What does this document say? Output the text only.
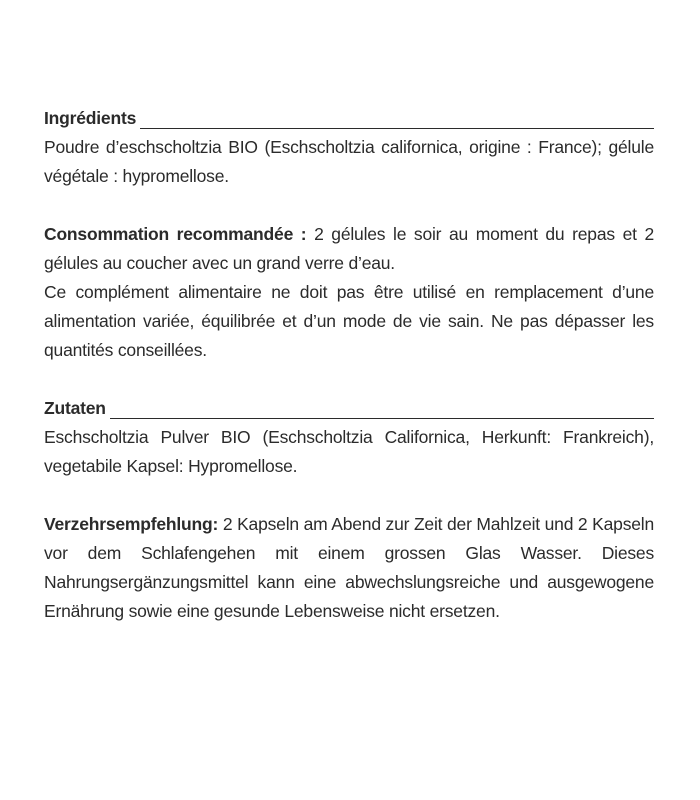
Ingrédients
Poudre d’eschscholtzia BIO (Eschscholtzia californica, origine : France); gélule végétale : hypromellose.
Consommation recommandée : 2 gélules le soir au moment du repas et 2 gélules au coucher avec un grand verre d’eau.
Ce complément alimentaire ne doit pas être utilisé en remplacement d’une alimentation variée, équilibrée et d’un mode de vie sain. Ne pas dépasser les quantités conseillées.
Zutaten
Eschscholtzia Pulver BIO (Eschscholtzia Californica, Herkunft: Frankreich), vegetabile Kapsel: Hypromellose.
Verzehrsempfehlung: 2 Kapseln am Abend zur Zeit der Mahlzeit und 2 Kapseln vor dem Schlafengehen mit einem grossen Glas Wasser. Dieses Nahrungsergänzungsmittel kann eine abwechslungsreiche und ausgewogene Ernährung sowie eine gesunde Lebensweise nicht ersetzen.
